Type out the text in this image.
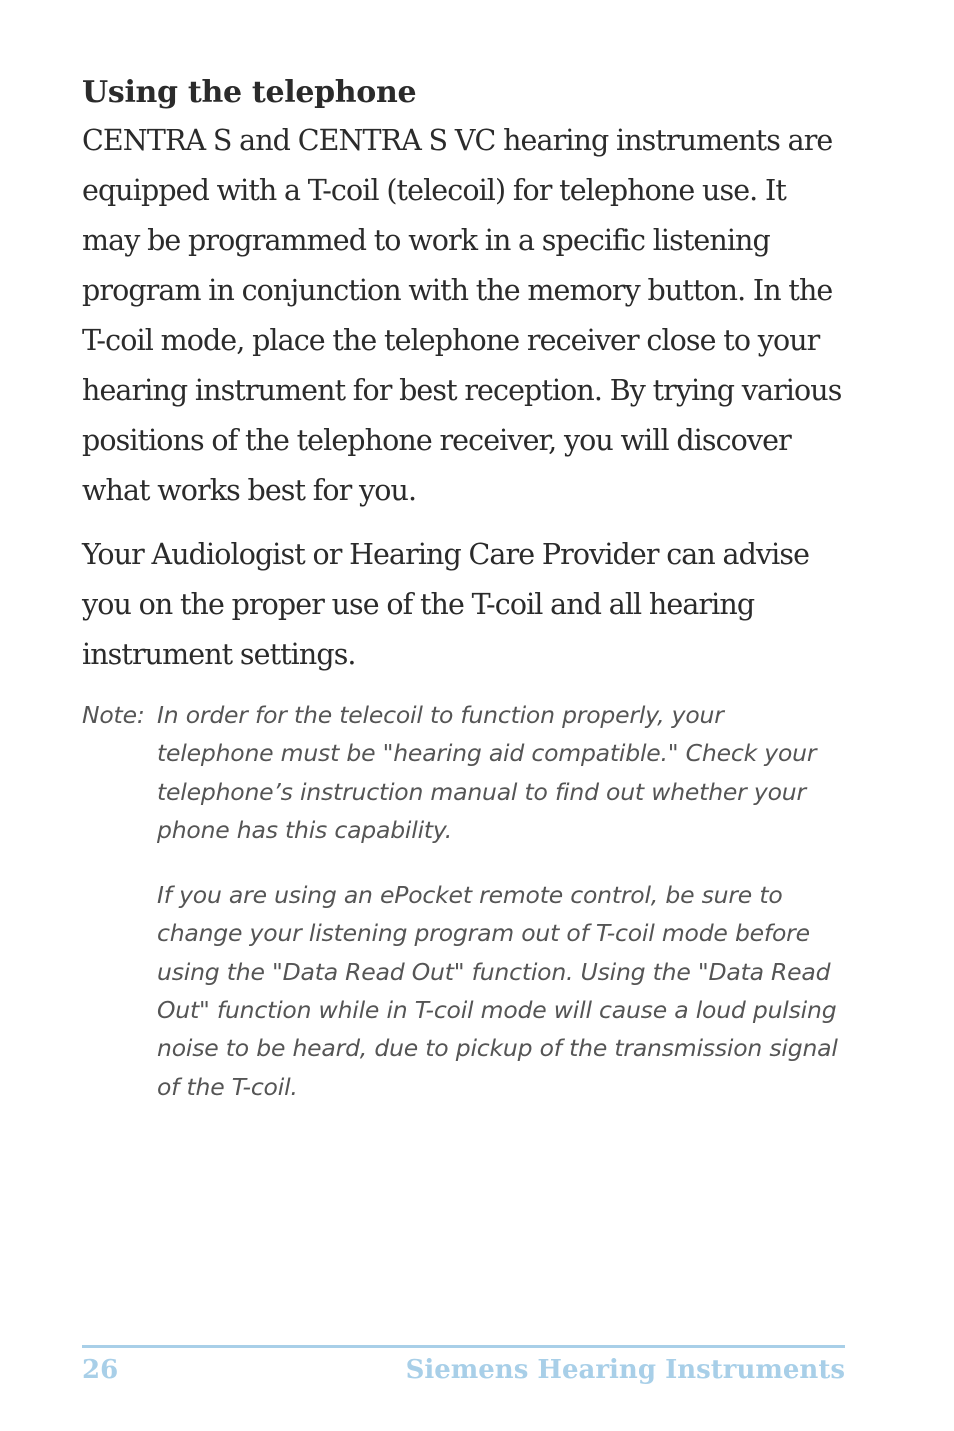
Using the telephone

CENTRA S and CENTRA S VC hearing instruments are equipped with a T-coil (telecoil) for telephone use. It may be programmed to work in a specific listening program in conjunction with the memory button. In the T-coil mode, place the telephone receiver close to your hearing instrument for best reception. By trying various positions of the telephone receiver, you will discover what works best for you.

Your Audiologist or Hearing Care Provider can advise you on the proper use of the T-coil and all hearing instrument settings.

Note: In order for the telecoil to function properly, your telephone must be "hearing aid compatible." Check your telephone’s instruction manual to find out whether your phone has this capability.

If you are using an ePocket remote control, be sure to change your listening program out of T-coil mode before using the "Data Read Out" function. Using the "Data Read Out" function while in T-coil mode will cause a loud pulsing noise to be heard, due to pickup of the transmission signal of the T-coil.

26	Siemens Hearing Instruments
